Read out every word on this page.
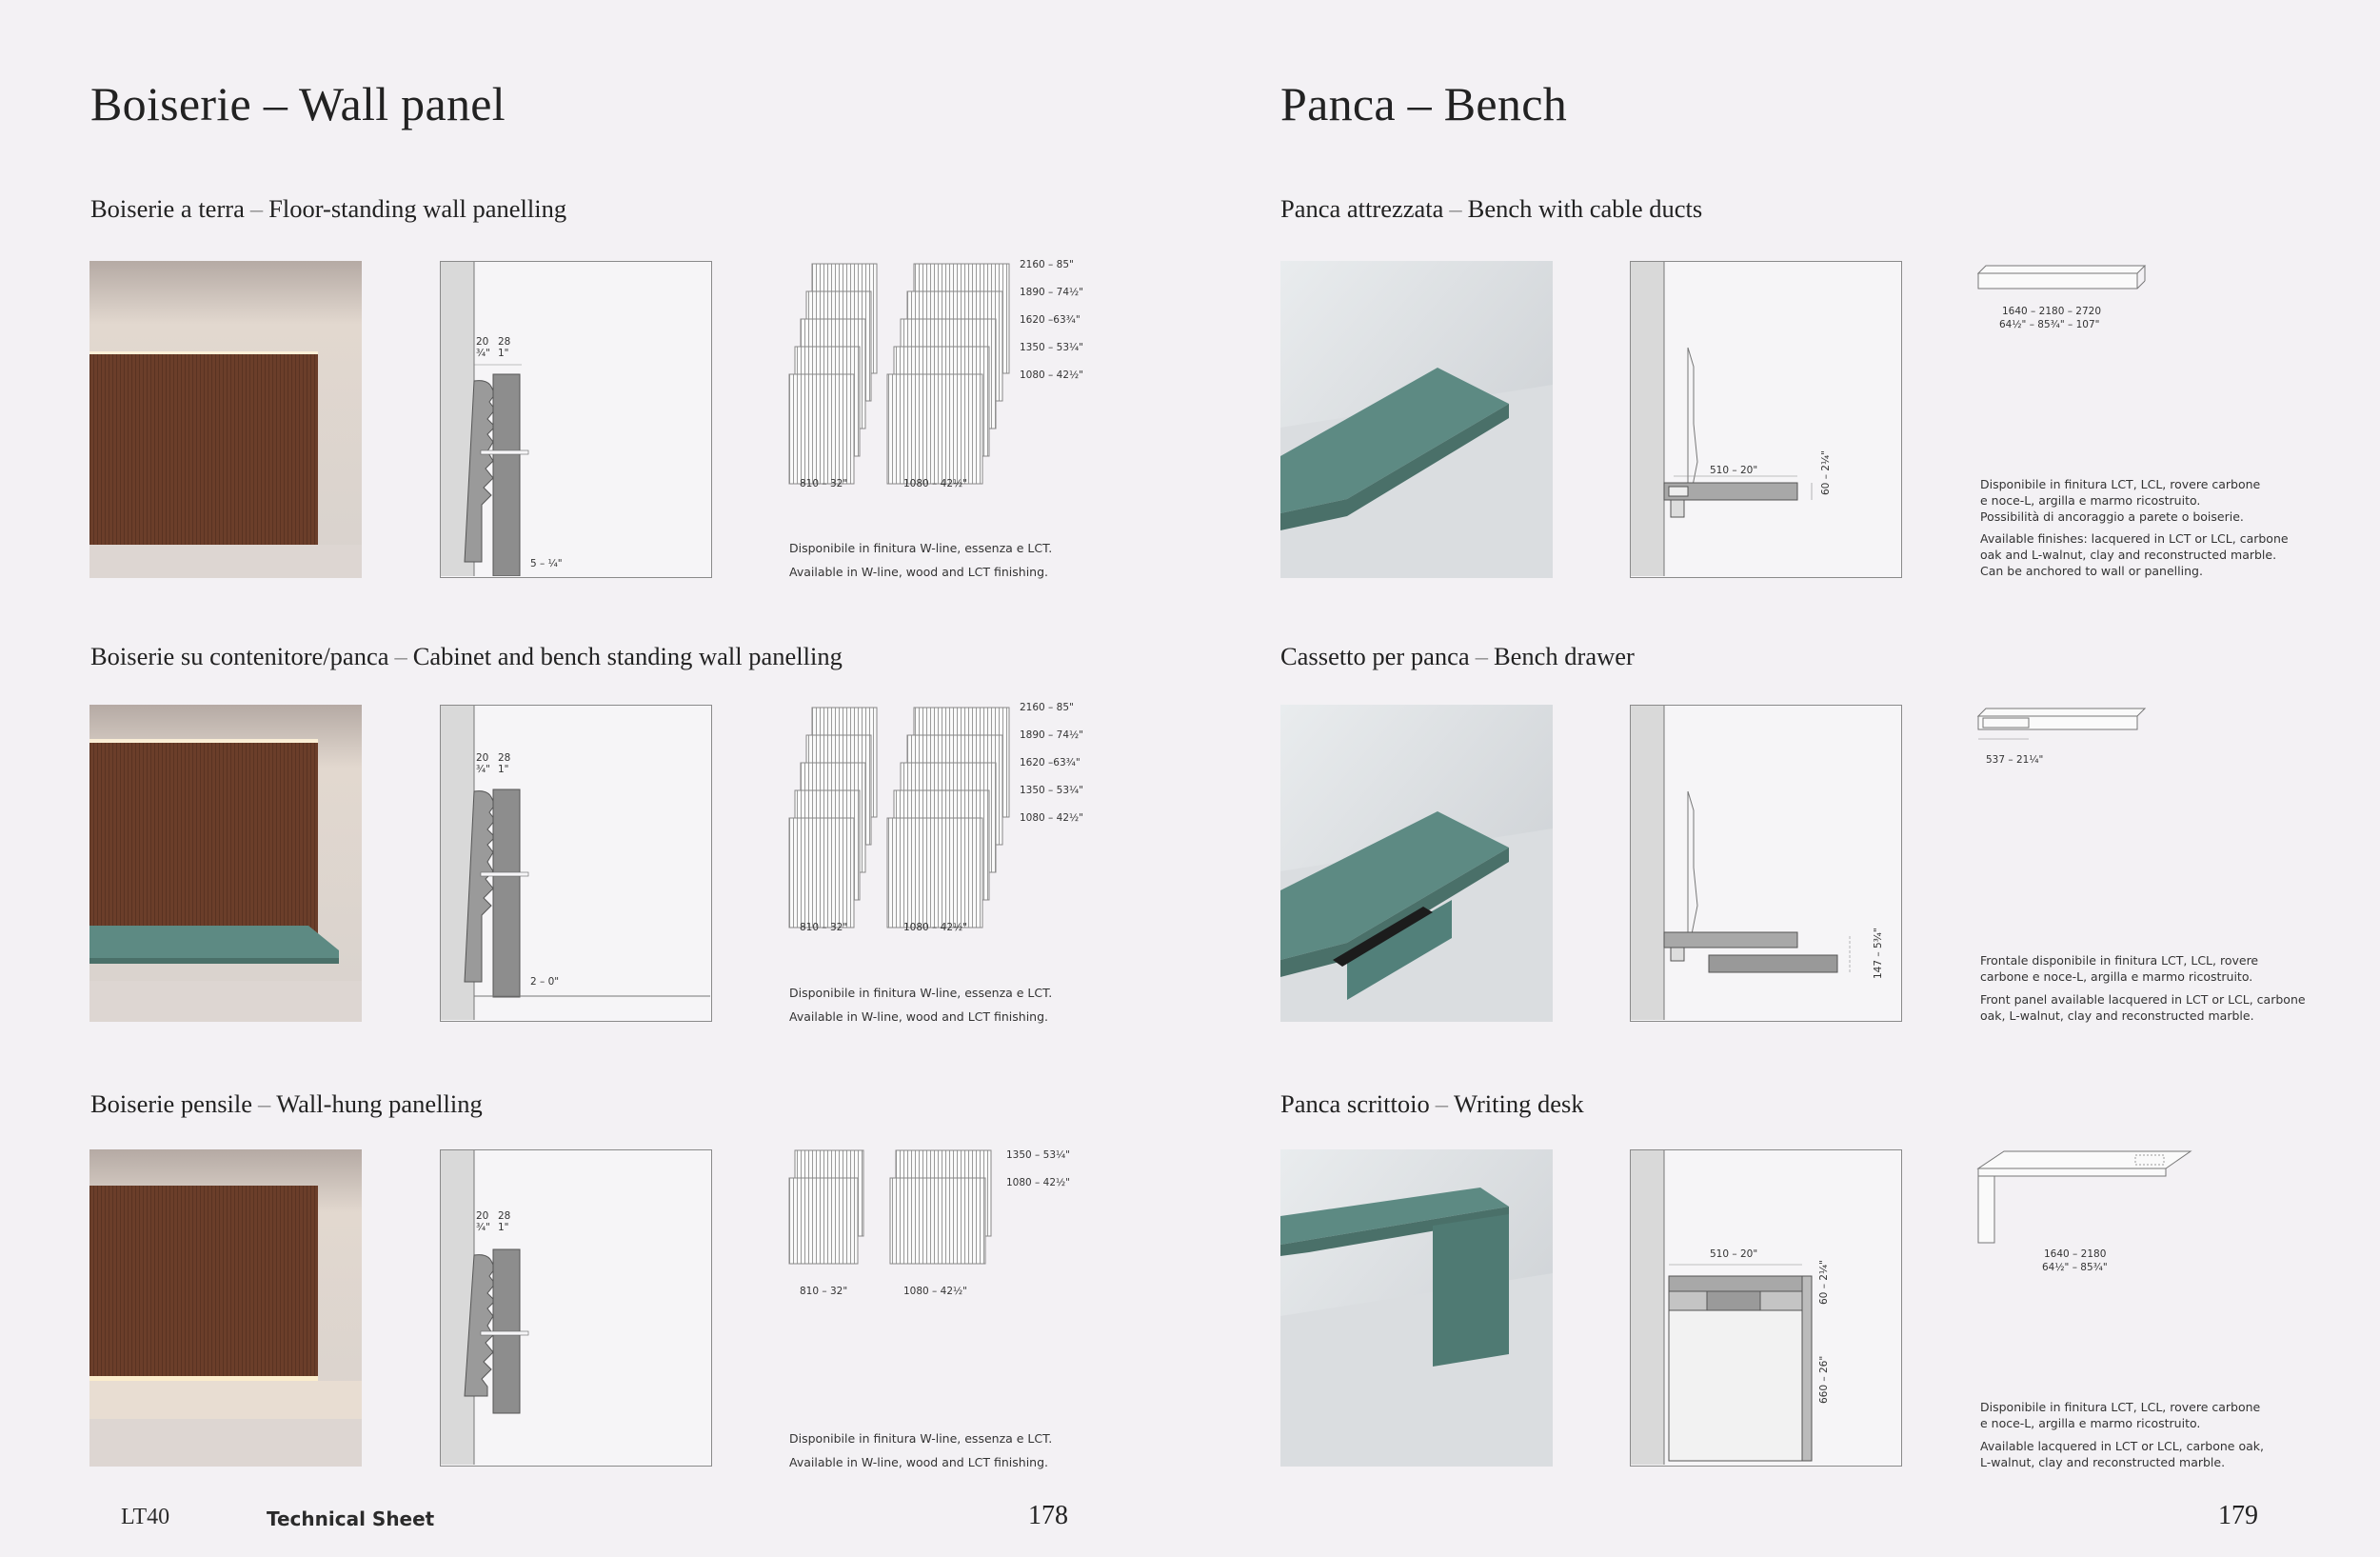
Boiserie – Wall panel
Boiserie a terra – Floor-standing wall panelling
20 28
¾" 1"
5 – ¼"
2160 – 85"
1890 – 74½"
1620 –63¾"
1350 – 53¼"
1080 – 42½"
810 – 32"	1080 – 42½"
Disponibile in finitura W-line, essenza e LCT.
Available in W-line, wood and LCT finishing.
Boiserie su contenitore/panca – Cabinet and bench standing wall panelling
20 28
¾" 1"
2 – 0"
2160 – 85"
1890 – 74½"
1620 –63¾"
1350 – 53¼"
1080 – 42½"
810 – 32"	1080 – 42½"
Disponibile in finitura W-line, essenza e LCT.
Available in W-line, wood and LCT finishing.
Boiserie pensile – Wall-hung panelling
20 28
¾" 1"
1350 – 53¼"
1080 – 42½"
810 – 32"	1080 – 42½"
Disponibile in finitura W-line, essenza e LCT.
Available in W-line, wood and LCT finishing.
Panca – Bench
Panca attrezzata – Bench with cable ducts
510 – 20"	60 – 2¼"
1640 – 2180 – 2720
64½" – 85¾" – 107"
Disponibile in finitura LCT, LCL, rovere carbone
e noce-L, argilla e marmo ricostruito.
Possibilità di ancoraggio a parete o boiserie.
Available finishes: lacquered in LCT or LCL, carbone
oak and L-walnut, clay and reconstructed marble.
Can be anchored to wall or panelling.
Cassetto per panca – Bench drawer
147 – 5¾"
537 – 21¼"
Frontale disponibile in finitura LCT, LCL, rovere
carbone e noce-L, argilla e marmo ricostruito.
Front panel available lacquered in LCT or LCL, carbone
oak, L-walnut, clay and reconstructed marble.
Panca scrittoio – Writing desk
510 – 20"
60 – 2¼"
660 – 26"
1640 – 2180
64½" – 85¾"
Disponibile in finitura LCT, LCL, rovere carbone
e noce-L, argilla e marmo ricostruito.
Available lacquered in LCT or LCL, carbone oak,
L-walnut, clay and reconstructed marble.
LT40	Technical Sheet	178	179
